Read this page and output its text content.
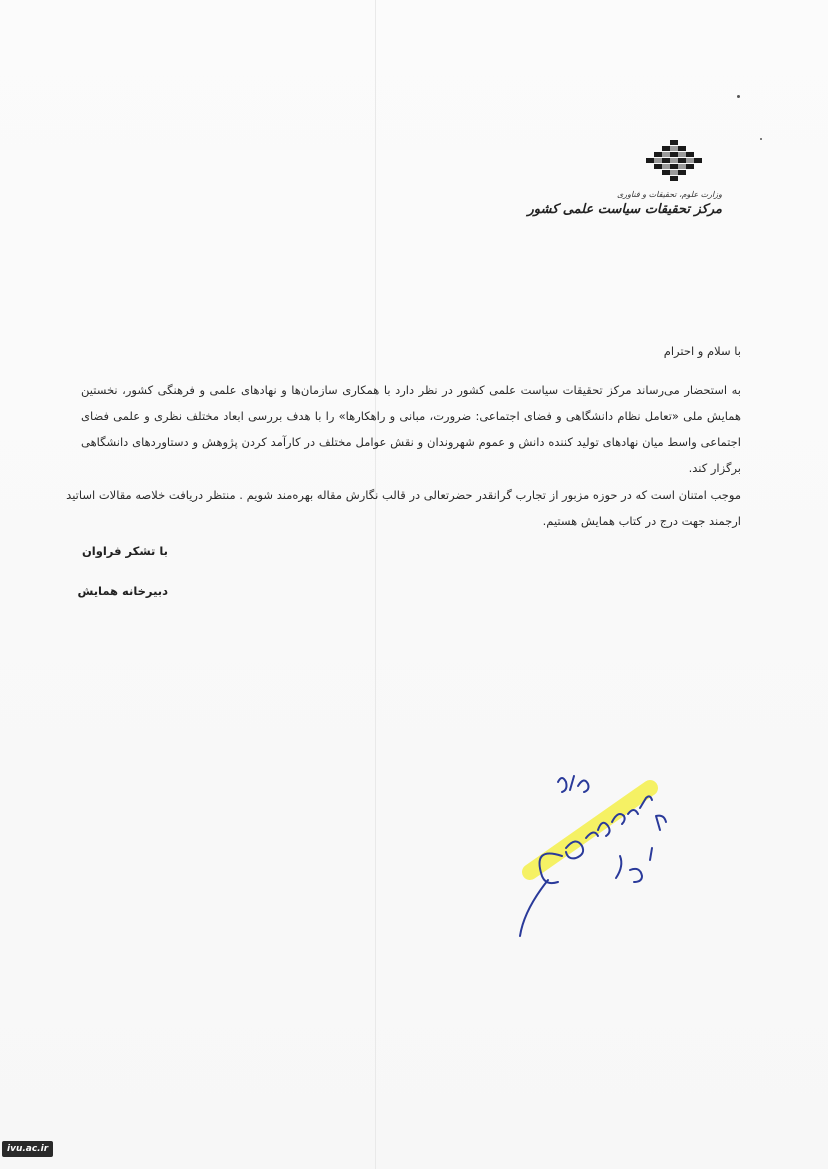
وزارت علوم، تحقیقات و فناوری
مرکز تحقیقات سیاست علمی کشور
با سلام و احترام
به استحضار می‌رساند مرکز تحقیقات سیاست علمی کشور در نظر دارد با همکاری سازمان‌ها و نهادهای علمی و فرهنگی کشور، نخستین
همایش ملی «تعامل نظام دانشگاهی و فضای اجتماعی: ضرورت، مبانی و راهکارها» را با هدف بررسی ابعاد مختلف نظری و علمی فضای
اجتماعی واسط میان نهادهای تولید کننده دانش و عموم شهروندان و نقش عوامل مختلف در کارآمد کردن پژوهش و دستاوردهای دانشگاهی
برگزار کند.
موجب امتنان است که در حوزه مزبور از تجارب گرانقدر حضرتعالی در قالب نگارش مقاله بهره‌مند شویم . منتظر دریافت خلاصه مقالات اساتید
ارجمند جهت درج در کتاب همایش هستیم.
با تشکر فراوان
دبیرخانه همایش
ivu.ac.ir
